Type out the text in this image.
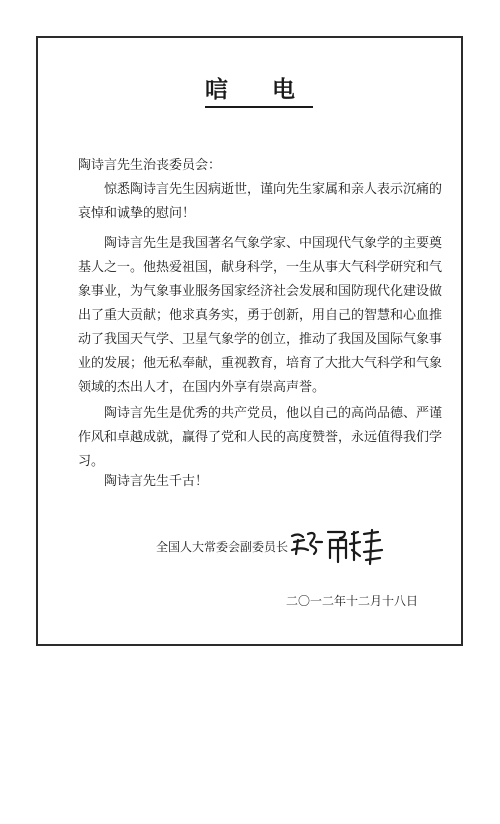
唁 电
陶诗言先生治丧委员会：
惊悉陶诗言先生因病逝世，谨向先生家属和亲人表示沉痛的
哀悼和诚挚的慰问！
陶诗言先生是我国著名气象学家、中国现代气象学的主要奠
基人之一。他热爱祖国，献身科学，一生从事大气科学研究和气
象事业，为气象事业服务国家经济社会发展和国防现代化建设做
出了重大贡献；他求真务实，勇于创新，用自己的智慧和心血推
动了我国天气学、卫星气象学的创立，推动了我国及国际气象事
业的发展；他无私奉献，重视教育，培育了大批大气科学和气象
领域的杰出人才，在国内外享有崇高声誉。
陶诗言先生是优秀的共产党员，他以自己的高尚品德、严谨
作风和卓越成就，赢得了党和人民的高度赞誉，永远值得我们学
习。
陶诗言先生千古！
全国人大常委会副委员长
二〇一二年十二月十八日
